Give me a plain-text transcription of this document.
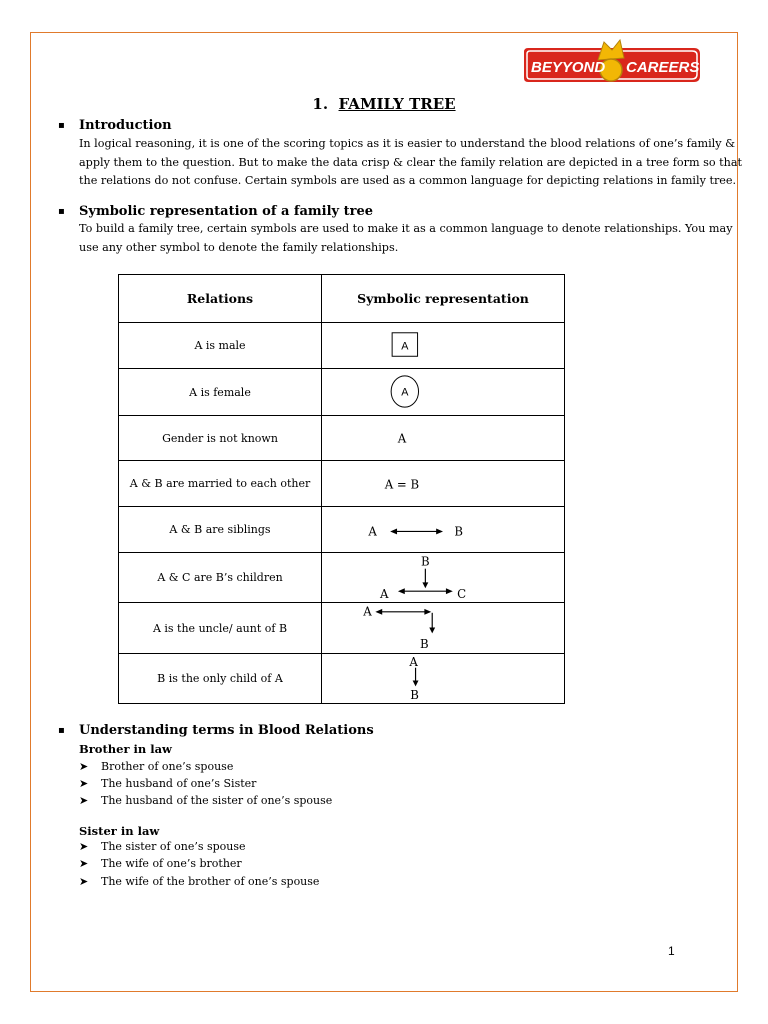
BEYYOND CAREERS
1. FAMILY TREE
▪ Introduction
In logical reasoning, it is one of the scoring topics as it is easier to understand the blood relations of one’s family &
apply them to the question. But to make the data crisp & clear the family relation are depicted in a tree form so that
the relations do not confuse. Certain symbols are used as a common language for depicting relations in family tree.
▪ Symbolic representation of a family tree
To build a family tree, certain symbols are used to make it as a common language to denote relationships. You may
use any other symbol to denote the family relationships.
Relations	Symbolic representation
A is male	A

A is female	A

Gender is not known	A

A & B are married to each other	A = B

A & B are siblings	A B

A & C are B’s children	B
A C

A is the uncle/ aunt of B	A
B

B is the only child of A	A
B
▪ Understanding terms in Blood Relations
Brother in law
➤ Brother of one’s spouse
➤ The husband of one’s Sister
➤ The husband of the sister of one’s spouse
Sister in law
➤ The sister of one’s spouse
➤ The wife of one’s brother
➤ The wife of the brother of one’s spouse
1
